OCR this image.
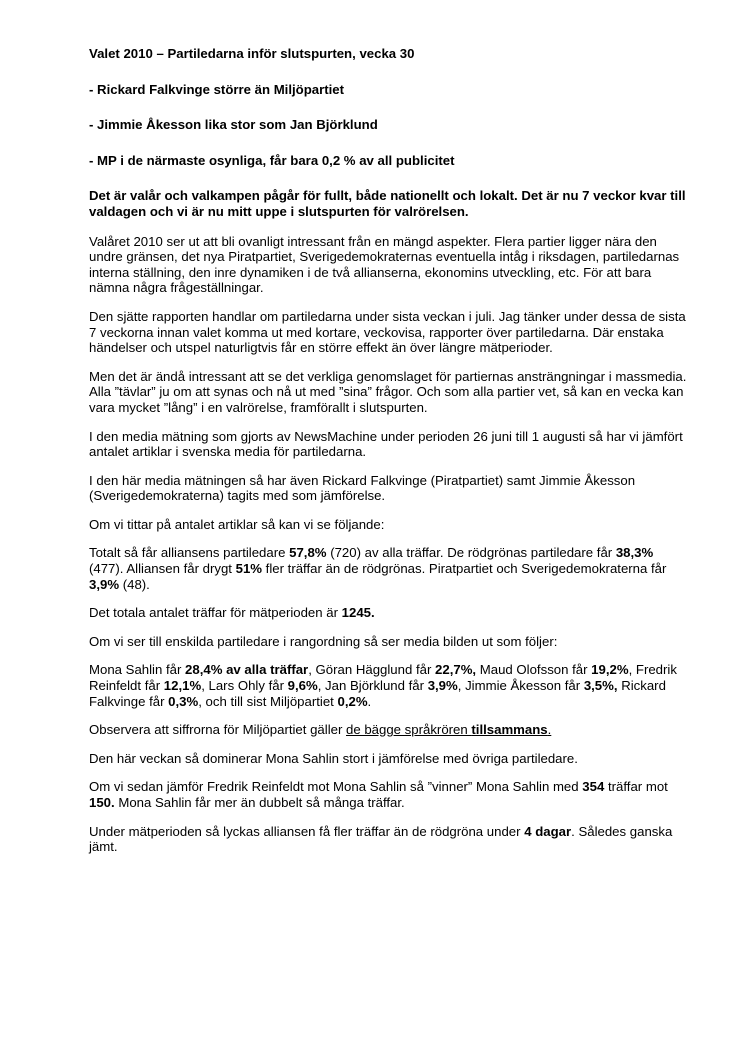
Valet 2010 – Partiledarna inför slutspurten, vecka 30

- Rickard Falkvinge större än Miljöpartiet

- Jimmie Åkesson lika stor som Jan Björklund

- MP i de närmaste osynliga, får bara 0,2 % av all publicitet

Det är valår och valkampen pågår för fullt, både nationellt och lokalt. Det är nu 7 veckor kvar till valdagen och vi är nu mitt uppe i slutspurten för valrörelsen.

Valåret 2010 ser ut att bli ovanligt intressant från en mängd aspekter. Flera partier ligger nära den undre gränsen, det nya Piratpartiet, Sverigedemokraternas eventuella intåg i riksdagen, partiledarnas interna ställning, den inre dynamiken i de två allianserna, ekonomins utveckling, etc. För att bara nämna några frågeställningar.

Den sjätte rapporten handlar om partiledarna under sista veckan i juli. Jag tänker under dessa de sista 7 veckorna innan valet komma ut med kortare, veckovisa, rapporter över partiledarna. Där enstaka händelser och utspel naturligtvis får en större effekt än över längre mätperioder.

Men det är ändå intressant att se det verkliga genomslaget för partiernas ansträngningar i massmedia. Alla ”tävlar” ju om att synas och nå ut med ”sina” frågor. Och som alla partier vet, så kan en vecka kan vara mycket ”lång” i en valrörelse, framförallt i slutspurten.

I den media mätning som gjorts av NewsMachine under perioden 26 juni till 1 augusti så har vi jämfört antalet artiklar i svenska media för partiledarna.

I den här media mätningen så har även Rickard Falkvinge (Piratpartiet) samt Jimmie Åkesson (Sverigedemokraterna) tagits med som jämförelse.

Om vi tittar på antalet artiklar så kan vi se följande:

Totalt så får alliansens partiledare 57,8% (720) av alla träffar. De rödgrönas partiledare får 38,3% (477). Alliansen får drygt 51% fler träffar än de rödgrönas. Piratpartiet och Sverigedemokraterna får 3,9% (48).

Det totala antalet träffar för mätperioden är 1245.

Om vi ser till enskilda partiledare i rangordning så ser media bilden ut som följer:

Mona Sahlin får 28,4% av alla träffar, Göran Hägglund får 22,7%, Maud Olofsson får 19,2%, Fredrik Reinfeldt får 12,1%, Lars Ohly får 9,6%, Jan Björklund får 3,9%, Jimmie Åkesson får 3,5%, Rickard Falkvinge får 0,3%, och till sist Miljöpartiet 0,2%.

Observera att siffrorna för Miljöpartiet gäller de bägge språkrören tillsammans.

Den här veckan så dominerar Mona Sahlin stort i jämförelse med övriga partiledare.

Om vi sedan jämför Fredrik Reinfeldt mot Mona Sahlin så ”vinner” Mona Sahlin med 354 träffar mot 150. Mona Sahlin får mer än dubbelt så många träffar.

Under mätperioden så lyckas alliansen få fler träffar än de rödgröna under 4 dagar. Således ganska jämt.
